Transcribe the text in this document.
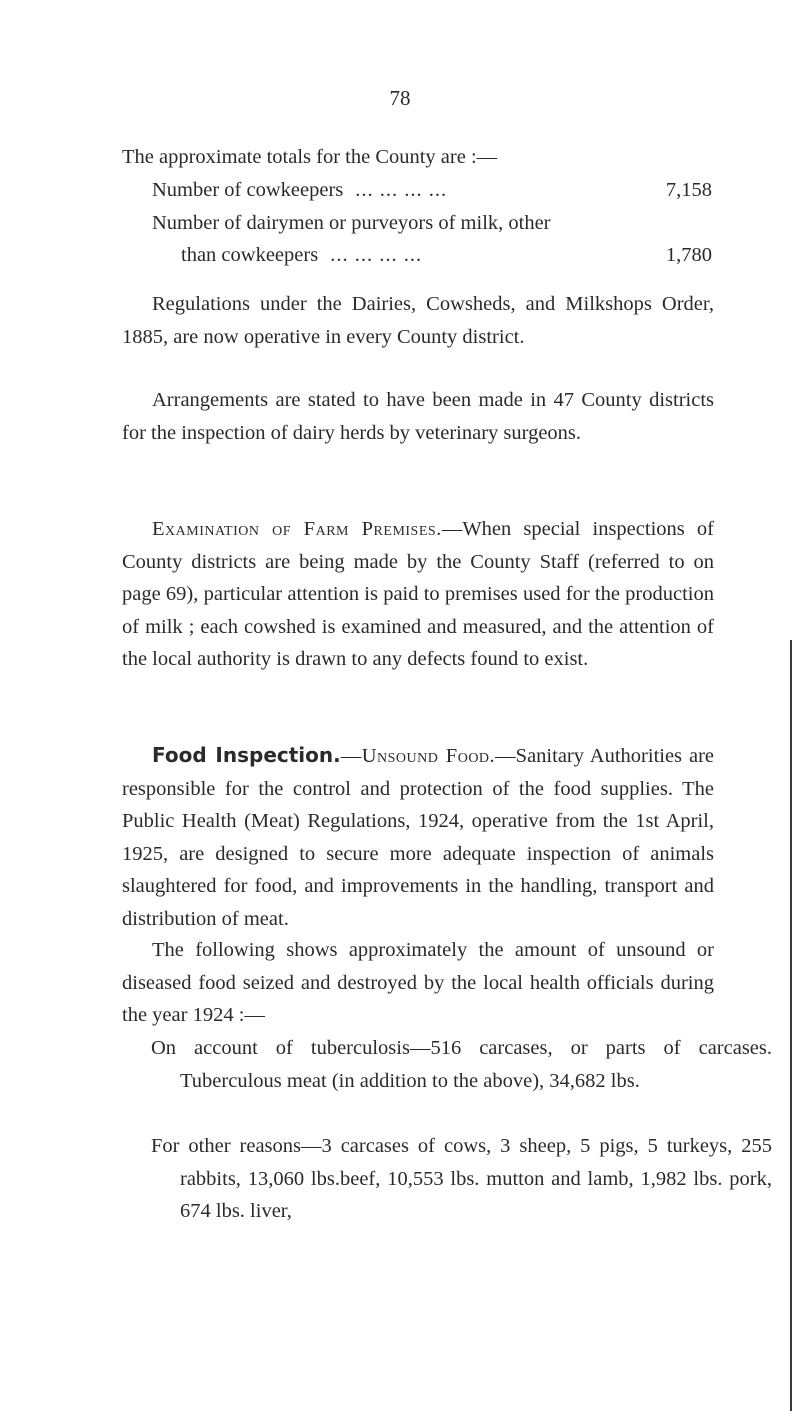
78
The approximate totals for the County are :—
Number of cowkeepers ... ... ... ...	7,158
Number of dairymen or purveyors of milk, other
than cowkeepers ... ... ... ...	1,780
Regulations under the Dairies, Cowsheds, and Milkshops Order, 1885, are now operative in every County district.
Arrangements are stated to have been made in 47 County districts for the inspection of dairy herds by veterinary surgeons.
Examination of Farm Premises.—When special inspections of County districts are being made by the County Staff (referred to on page 69), particular attention is paid to premises used for the production of milk ; each cowshed is examined and measured, and the attention of the local authority is drawn to any defects found to exist.
Food Inspection.—Unsound Food.—Sanitary Authorities are responsible for the control and protection of the food supplies. The Public Health (Meat) Regulations, 1924, operative from the 1st April, 1925, are designed to secure more adequate inspection of animals slaughtered for food, and improvements in the handling, transport and distribution of meat.
The following shows approximately the amount of unsound or diseased food seized and destroyed by the local health officials during the year 1924 :—
On account of tuberculosis—516 carcases, or parts of carcases. Tuberculous meat (in addition to the above), 34,682 lbs.
For other reasons—3 carcases of cows, 3 sheep, 5 pigs, 5 turkeys, 255 rabbits, 13,060 lbs.beef, 10,553 lbs. mutton and lamb, 1,982 lbs. pork, 674 lbs. liver,
